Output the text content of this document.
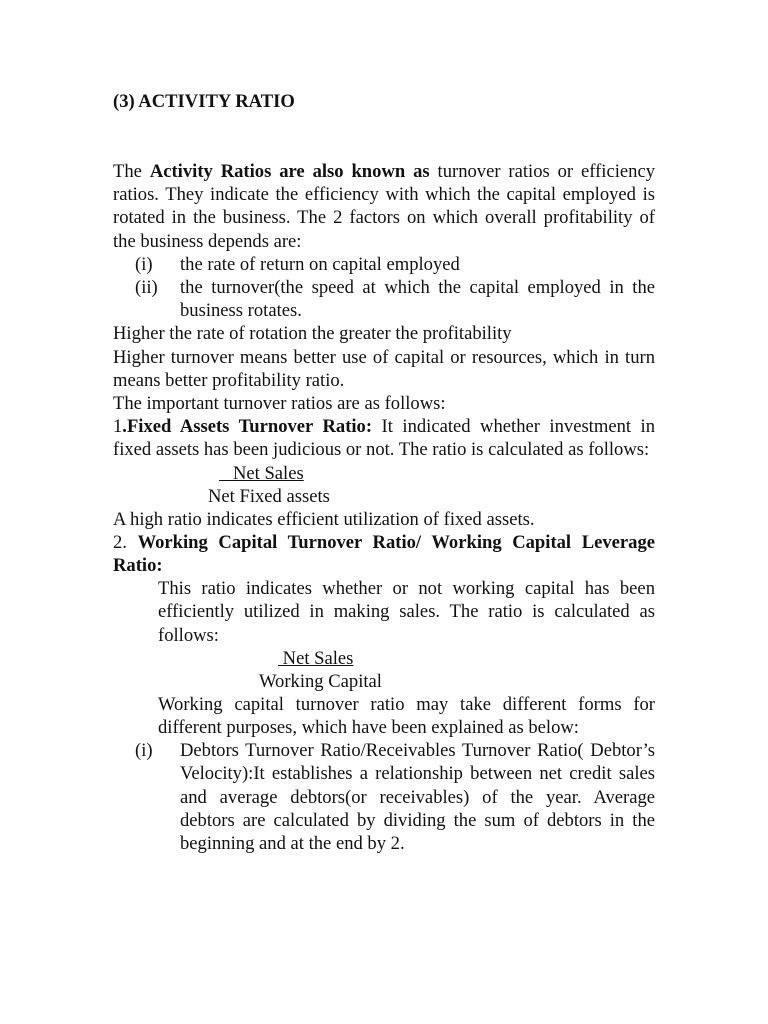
(3) ACTIVITY RATIO

The Activity Ratios are also known as turnover ratios or efficiency ratios. They indicate the efficiency with which the capital employed is rotated in the business. The 2 factors on which overall profitability of the business depends are:

(i) the rate of return on capital employed
(ii) the turnover(the speed at which the capital employed in the business rotates.

Higher the rate of rotation the greater the profitability

Higher turnover means better use of capital or resources, which in turn means better profitability ratio.

The important turnover ratios are as follows:

1.Fixed Assets Turnover Ratio: It indicated whether investment in fixed assets has been judicious or not. The ratio is calculated as follows:

Net Sales
Net Fixed assets

A high ratio indicates efficient utilization of fixed assets.

2. Working Capital Turnover Ratio/ Working Capital Leverage Ratio:

This ratio indicates whether or not working capital has been efficiently utilized in making sales. The ratio is calculated as follows:

Net Sales
Working Capital

Working capital turnover ratio may take different forms for different purposes, which have been explained as below:

(i) Debtors Turnover Ratio/Receivables Turnover Ratio( Debtor’s Velocity):It establishes a relationship between net credit sales and average debtors(or receivables) of the year. Average debtors are calculated by dividing the sum of debtors in the beginning and at the end by 2.
